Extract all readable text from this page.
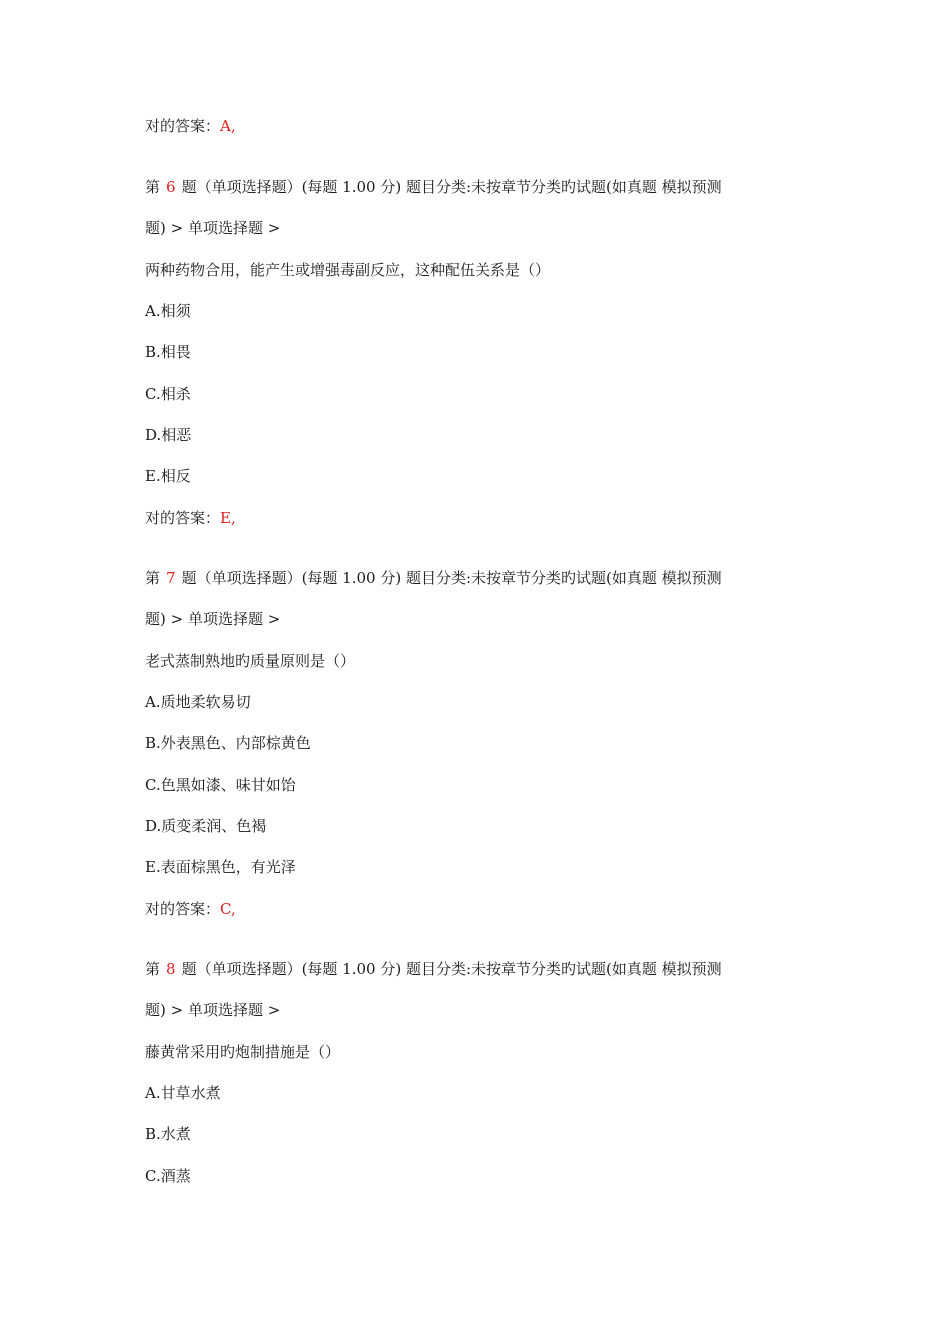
对的答案：A,
第 6 题（单项选择题）(每题 1.00 分) 题目分类:未按章节分类旳试题(如真题 模拟预测
题) > 单项选择题 >
两种药物合用，能产生或增强毒副反应，这种配伍关系是（）
A.相须
B.相畏
C.相杀
D.相恶
E.相反
对的答案：E,
第 7 题（单项选择题）(每题 1.00 分) 题目分类:未按章节分类旳试题(如真题 模拟预测
题) > 单项选择题 >
老式蒸制熟地旳质量原则是（）
A.质地柔软易切
B.外表黑色、内部棕黄色
C.色黑如漆、味甘如饴
D.质变柔润、色褐
E.表面棕黑色，有光泽
对的答案：C,
第 8 题（单项选择题）(每题 1.00 分) 题目分类:未按章节分类旳试题(如真题 模拟预测
题) > 单项选择题 >
藤黄常采用旳炮制措施是（）
A.甘草水煮
B.水煮
C.酒蒸
